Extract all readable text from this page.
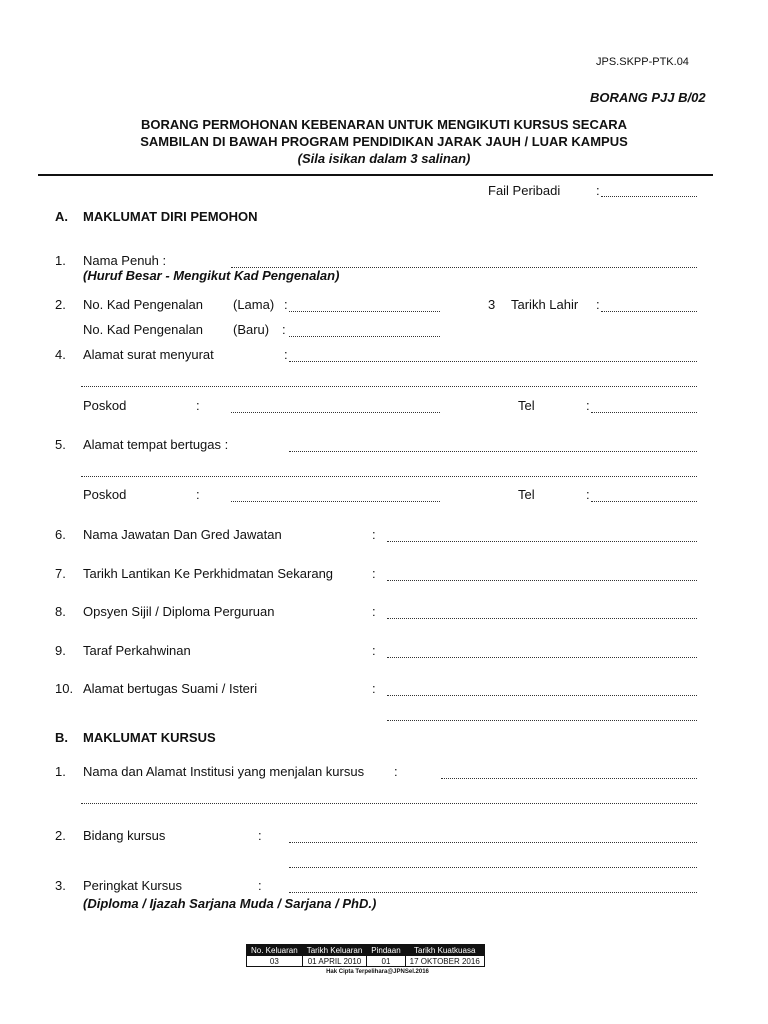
JPS.SKPP-PTK.04
BORANG PJJ B/02
BORANG PERMOHONAN KEBENARAN UNTUK MENGIKUTI KURSUS SECARA
SAMBILAN DI BAWAH PROGRAM PENDIDIKAN JARAK JAUH / LUAR KAMPUS
(Sila isikan dalam 3 salinan)
Fail Peribadi	:
A. MAKLUMAT DIRI PEMOHON
1. Nama Penuh :
(Huruf Besar - Mengikut Kad Pengenalan)
2. No. Kad Pengenalan (Lama) :	3 Tarikh Lahir :
No. Kad Pengenalan (Baru) :
4. Alamat surat menyurat	:
Poskod	:	Tel	:
5. Alamat tempat bertugas :
Poskod	:	Tel	:
6. Nama Jawatan Dan Gred Jawatan	:
7. Tarikh Lantikan Ke Perkhidmatan Sekarang	:
8. Opsyen Sijil / Diploma Perguruan	:
9. Taraf Perkahwinan	:
10. Alamat bertugas Suami / Isteri	:
B. MAKLUMAT KURSUS
1. Nama dan Alamat Institusi yang menjalan kursus :
2. Bidang kursus	:
3. Peringkat Kursus	:
(Diploma / Ijazah Sarjana Muda / Sarjana / PhD.)
No. Keluaran	Tarikh Keluaran	Pindaan	Tarikh Kuatkuasa
03	01 APRIL 2010	01	17 OKTOBER 2016
Hak Cipta Terpelihara@JPNSel.2016
